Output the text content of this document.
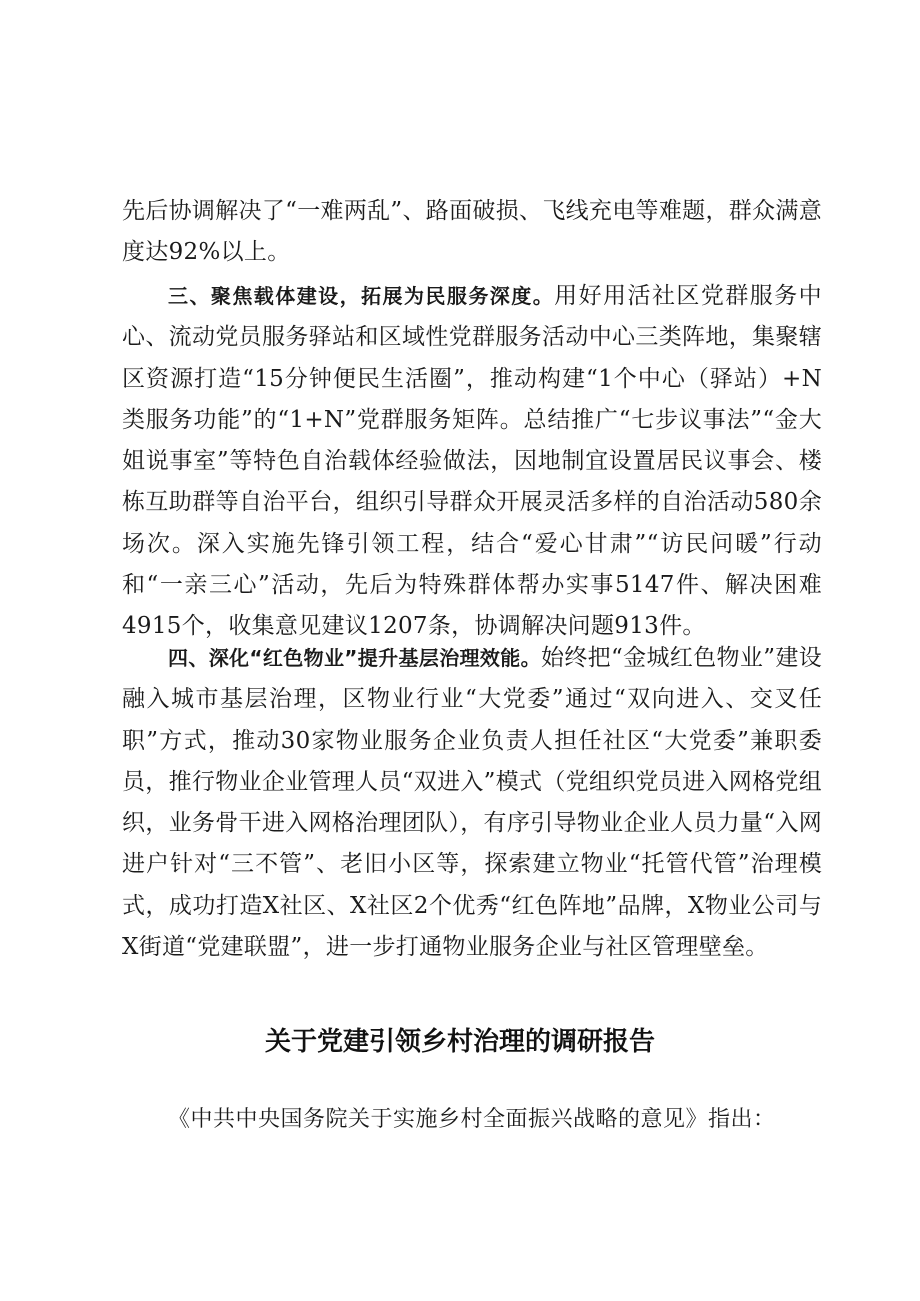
先后协调解决了“一难两乱”、路面破损、飞线充电等难题，群众满意度达92%以上。

三、聚焦载体建设，拓展为民服务深度。用好用活社区党群服务中心、流动党员服务驿站和区域性党群服务活动中心三类阵地，集聚辖区资源打造“15分钟便民生活圈”，推动构建“1个中心（驿站）+N类服务功能”的“1+N”党群服务矩阵。总结推广“七步议事法”“金大姐说事室”等特色自治载体经验做法，因地制宜设置居民议事会、楼栋互助群等自治平台，组织引导群众开展灵活多样的自治活动580余场次。深入实施先锋引领工程，结合“爱心甘肃”“访民问暖”行动和“一亲三心”活动，先后为特殊群体帮办实事5147件、解决困难4915个，收集意见建议1207条，协调解决问题913件。

四、深化“红色物业”提升基层治理效能。始终把“金城红色物业”建设融入城市基层治理，区物业行业“大党委”通过“双向进入、交叉任职”方式，推动30家物业服务企业负责人担任社区“大党委”兼职委员，推行物业企业管理人员“双进入”模式（党组织党员进入网格党组织，业务骨干进入网格治理团队），有序引导物业企业人员力量“入网进户针对“三不管”、老旧小区等，探索建立物业“托管代管”治理模式，成功打造X社区、X社区2个优秀“红色阵地”品牌，X物业公司与X街道“党建联盟”，进一步打通物业服务企业与社区管理壁垒。

关于党建引领乡村治理的调研报告

《中共中央国务院关于实施乡村全面振兴战略的意见》指出：
